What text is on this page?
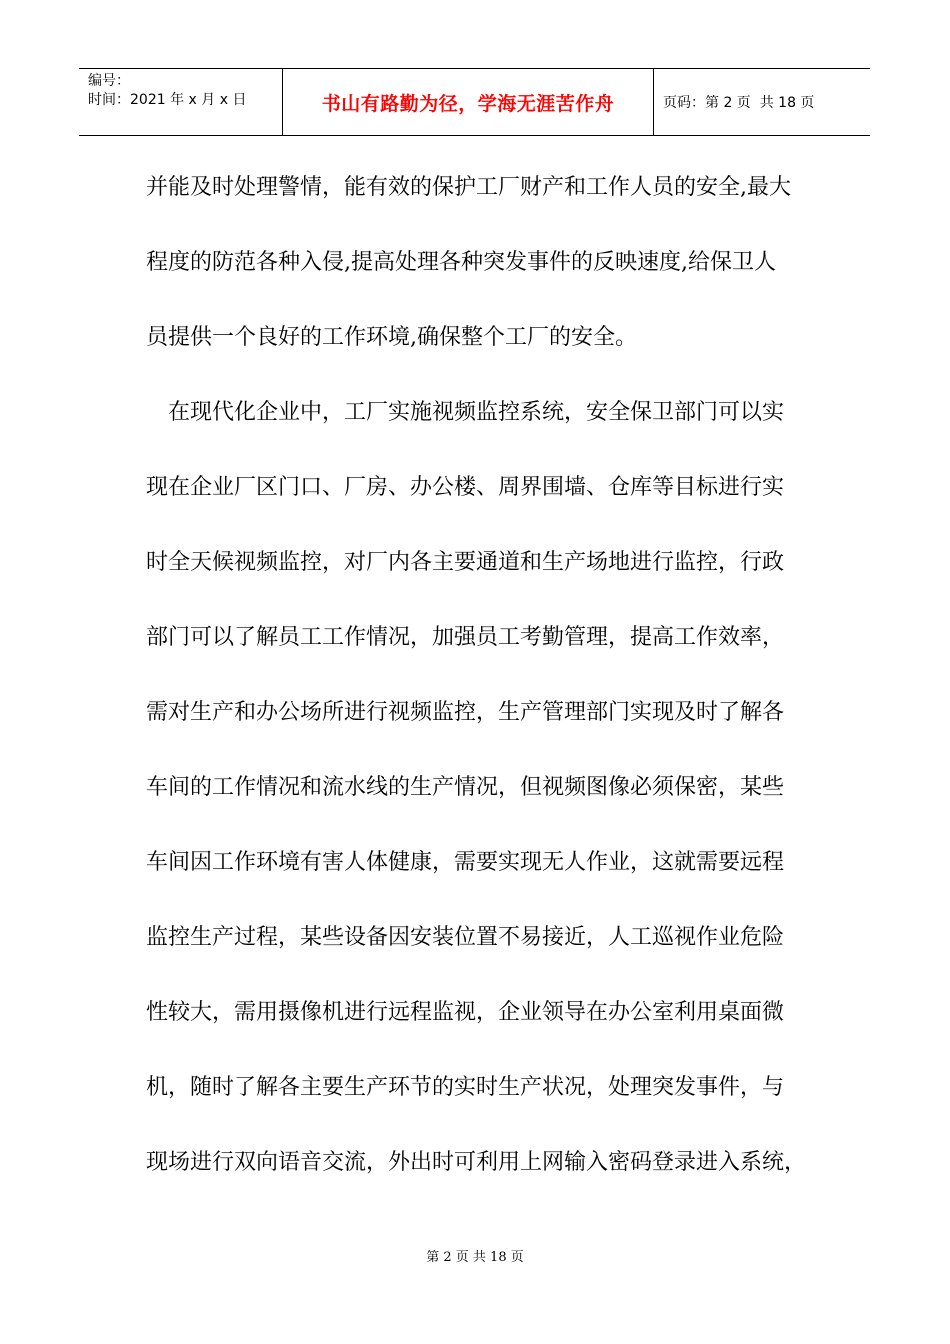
编号：
时间：2021 年 x 月 x 日	书山有路勤为径，学海无涯苦作舟	页码： 第 2 页
共 18 页
并能及时处理警情，能有效的保护工厂财产和工作人员的安全,最大
程度的防范各种入侵,提高处理各种突发事件的反映速度,给保卫人
员提供一个良好的工作环境,确保整个工厂的安全。
　在现代化企业中，工厂实施视频监控系统，安全保卫部门可以实
现在企业厂区门口、厂房、办公楼、周界围墙、仓库等目标进行实
时全天候视频监控，对厂内各主要通道和生产场地进行监控，行政
部门可以了解员工工作情况，加强员工考勤管理，提高工作效率，
需对生产和办公场所进行视频监控，生产管理部门实现及时了解各
车间的工作情况和流水线的生产情况，但视频图像必须保密，某些
车间因工作环境有害人体健康，需要实现无人作业，这就需要远程
监控生产过程，某些设备因安装位置不易接近，人工巡视作业危险
性较大，需用摄像机进行远程监视，企业领导在办公室利用桌面微
机，随时了解各主要生产环节的实时生产状况，处理突发事件，与
现场进行双向语音交流，外出时可利用上网输入密码登录进入系统，
第 2 页 共 18 页
